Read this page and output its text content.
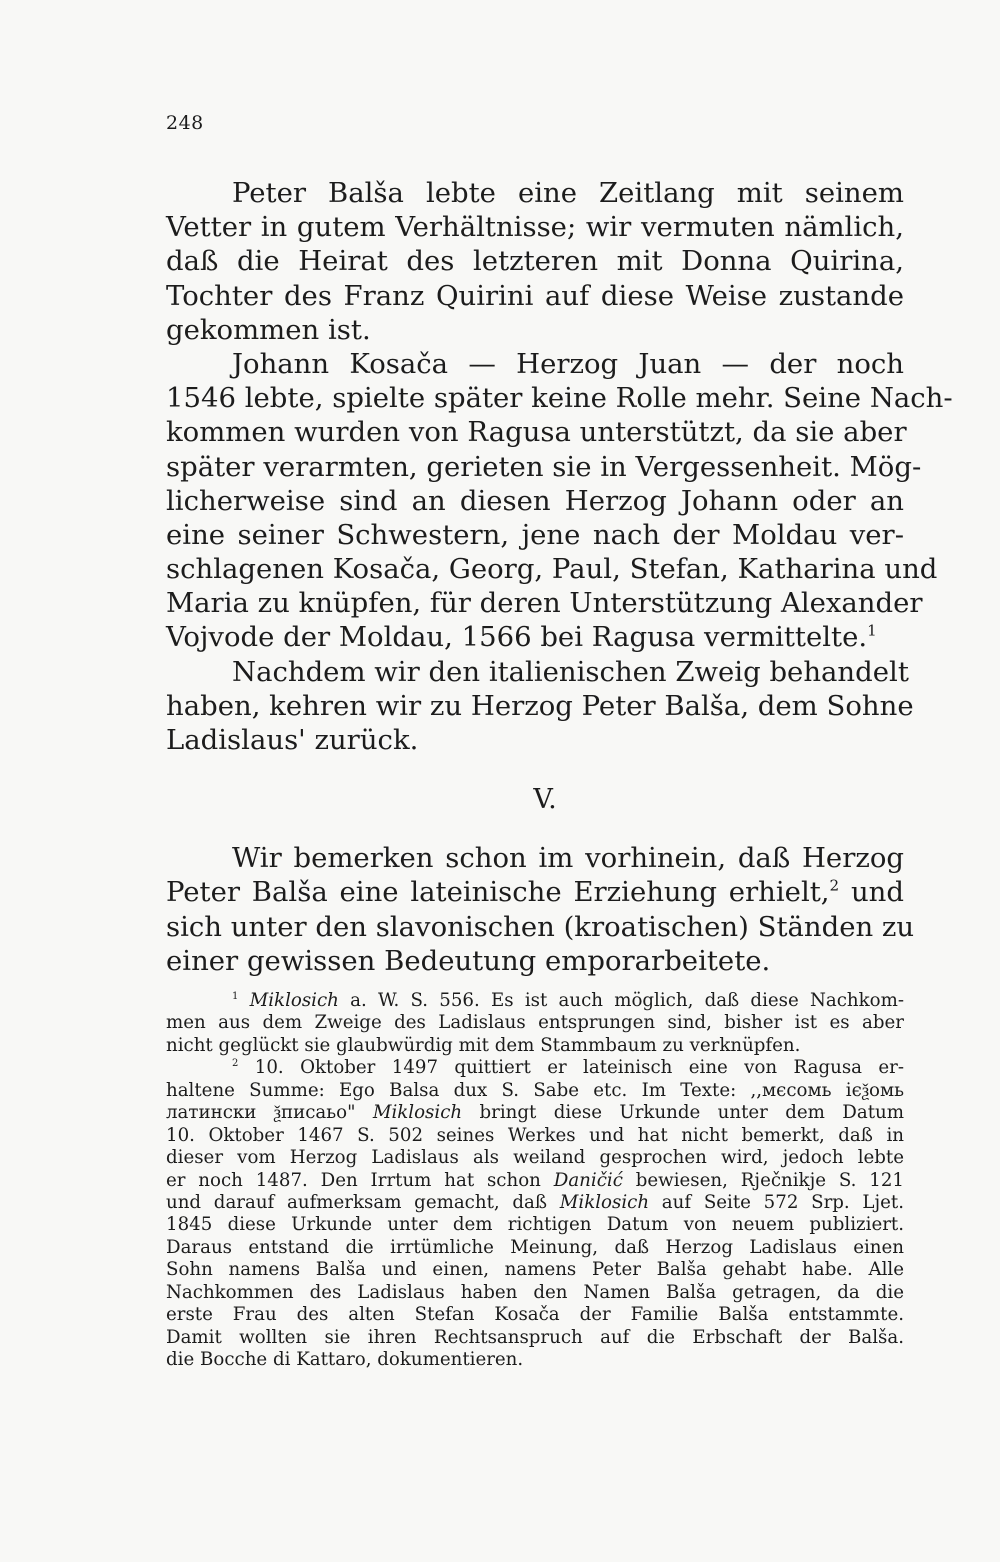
248
Peter Balša lebte eine Zeitlang mit seinem
Vetter in gutem Verhältnisse; wir vermuten nämlich,
daß die Heirat des letzteren mit Donna Quirina,
Tochter des Franz Quirini auf diese Weise zustande
gekommen ist.
Johann Kosača — Herzog Juan — der noch
1546 lebte, spielte später keine Rolle mehr. Seine Nach-
kommen wurden von Ragusa unterstützt, da sie aber
später verarmten, gerieten sie in Vergessenheit. Mög-
licherweise sind an diesen Herzog Johann oder an
eine seiner Schwestern, jene nach der Moldau ver-
schlagenen Kosača, Georg, Paul, Stefan, Katharina und
Maria zu knüpfen, für deren Unterstützung Alexander
Vojvode der Moldau, 1566 bei Ragusa vermittelte.$^1$
Nachdem wir den italienischen Zweig behandelt
haben, kehren wir zu Herzog Peter Balša, dem Sohne
Ladislaus' zurück.
V.
Wir bemerken schon im vorhinein, daß Herzog
Peter Balša eine lateinische Erziehung erhielt,$^2$ und
sich unter den slavonischen (kroatischen) Ständen zu
einer gewissen Bedeutung emporarbeitete.
$^1$ Miklosich a. W. S. 556. Es ist auch möglich, daß diese Nachkom-
men aus dem Zweige des Ladislaus entsprungen sind, bisher ist es aber
nicht geglückt sie glaubwürdig mit dem Stammbaum zu verknüpfen.
$^2$ 10. Oktober 1497 quittiert er lateinisch eine von Ragusa er-
haltene Summe: Ego Balsa dux S. Sabe etc. Im Texte: ,,мєсомь ієѯомь
латински ѯписаьо" Miklosich bringt diese Urkunde unter dem Datum
10. Oktober 1467 S. 502 seines Werkes und hat nicht bemerkt, daß in
dieser vom Herzog Ladislaus als weiland gesprochen wird, jedoch lebte
er noch 1487. Den Irrtum hat schon Daničić bewiesen, Rječnikje S. 121
und darauf aufmerksam gemacht, daß Miklosich auf Seite 572 Srp. Ljet.
1845 diese Urkunde unter dem richtigen Datum von neuem publiziert.
Daraus entstand die irrtümliche Meinung, daß Herzog Ladislaus einen
Sohn namens Balša und einen, namens Peter Balša gehabt habe. Alle
Nachkommen des Ladislaus haben den Namen Balša getragen, da die
erste Frau des alten Stefan Kosača der Familie Balša entstammte.
Damit wollten sie ihren Rechtsanspruch auf die Erbschaft der Balša.
die Bocche di Kattaro, dokumentieren.
